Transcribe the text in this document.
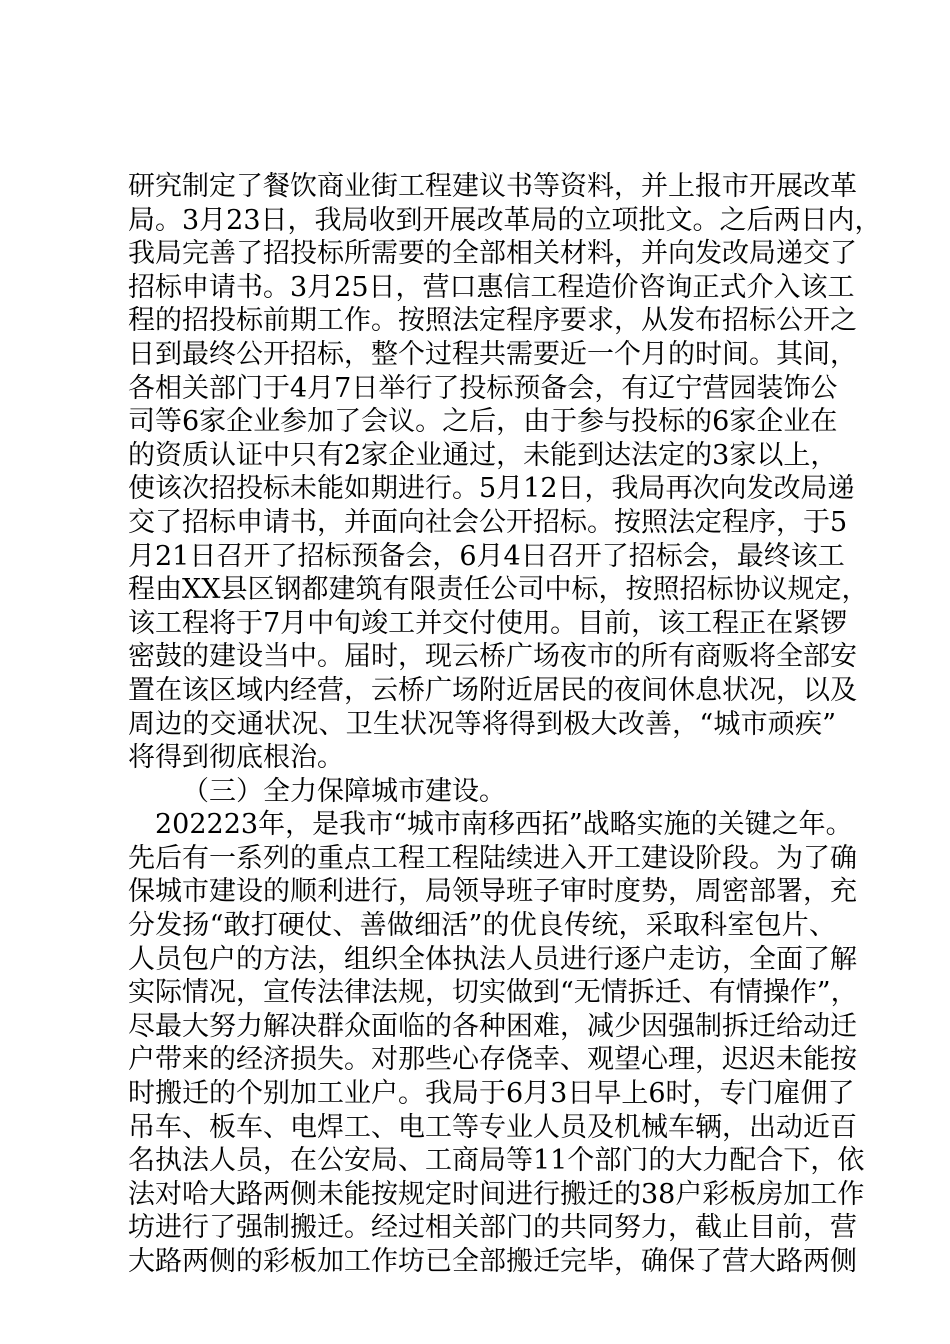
研究制定了餐饮商业街工程建议书等资料，并上报市开展改革
局。3月23日，我局收到开展改革局的立项批文。之后两日内，
我局完善了招投标所需要的全部相关材料，并向发改局递交了
招标申请书。3月25日，营口惠信工程造价咨询正式介入该工
程的招投标前期工作。按照法定程序要求，从发布招标公开之
日到最终公开招标，整个过程共需要近一个月的时间。其间，
各相关部门于4月7日举行了投标预备会，有辽宁营园装饰公
司等6家企业参加了会议。之后，由于参与投标的6家企业在
的资质认证中只有2家企业通过，未能到达法定的3家以上，
使该次招投标未能如期进行。5月12日，我局再次向发改局递
交了招标申请书，并面向社会公开招标。按照法定程序，于5
月21日召开了招标预备会，6月4日召开了招标会，最终该工
程由XX县区钢都建筑有限责任公司中标，按照招标协议规定，
该工程将于7月中旬竣工并交付使用。目前，该工程正在紧锣
密鼓的建设当中。届时，现云桥广场夜市的所有商贩将全部安
置在该区域内经营，云桥广场附近居民的夜间休息状况，以及
周边的交通状况、卫生状况等将得到极大改善，“城市顽疾”
将得到彻底根治。
（三）全力保障城市建设。
202223年，是我市“城市南移西拓”战略实施的关键之年。
先后有一系列的重点工程工程陆续进入开工建设阶段。为了确
保城市建设的顺利进行，局领导班子审时度势，周密部署，充
分发扬“敢打硬仗、善做细活”的优良传统，采取科室包片、
人员包户的方法，组织全体执法人员进行逐户走访，全面了解
实际情况，宣传法律法规，切实做到“无情拆迁、有情操作”，
尽最大努力解决群众面临的各种困难，减少因强制拆迁给动迁
户带来的经济损失。对那些心存侥幸、观望心理，迟迟未能按
时搬迁的个别加工业户。我局于6月3日早上6时，专门雇佣了
吊车、板车、电焊工、电工等专业人员及机械车辆，出动近百
名执法人员，在公安局、工商局等11个部门的大力配合下，依
法对哈大路两侧未能按规定时间进行搬迁的38户彩板房加工作
坊进行了强制搬迁。经过相关部门的共同努力，截止目前，营
大路两侧的彩板加工作坊已全部搬迁完毕，确保了营大路两侧
